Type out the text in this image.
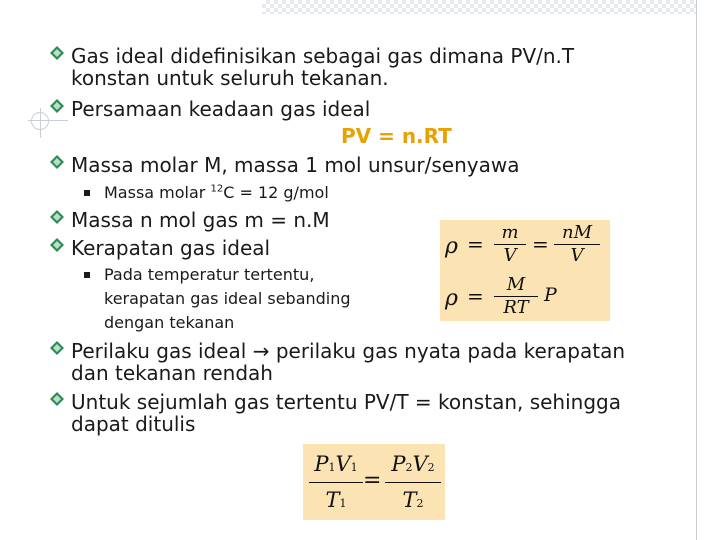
Gas ideal didefinisikan sebagai gas dimana PV/n.T
konstan untuk seluruh tekanan.
Persamaan keadaan gas ideal
PV = n.RT
Massa molar M, massa 1 mol unsur/senyawa
Massa molar $^{12}$C = 12 g/mol
Massa n mol gas m = n.M
Kerapatan gas ideal
Pada temperatur tertentu,
kerapatan gas ideal sebanding
dengan tekanan
ρ = m
V = nM
V
ρ =	M
RT
P
Perilaku gas ideal → perilaku gas nyata pada kerapatan
dan tekanan rendah
Untuk sejumlah gas tertentu PV/T = konstan, sehingga
dapat ditulis
P1V1
T1
=
P2V2
T2
